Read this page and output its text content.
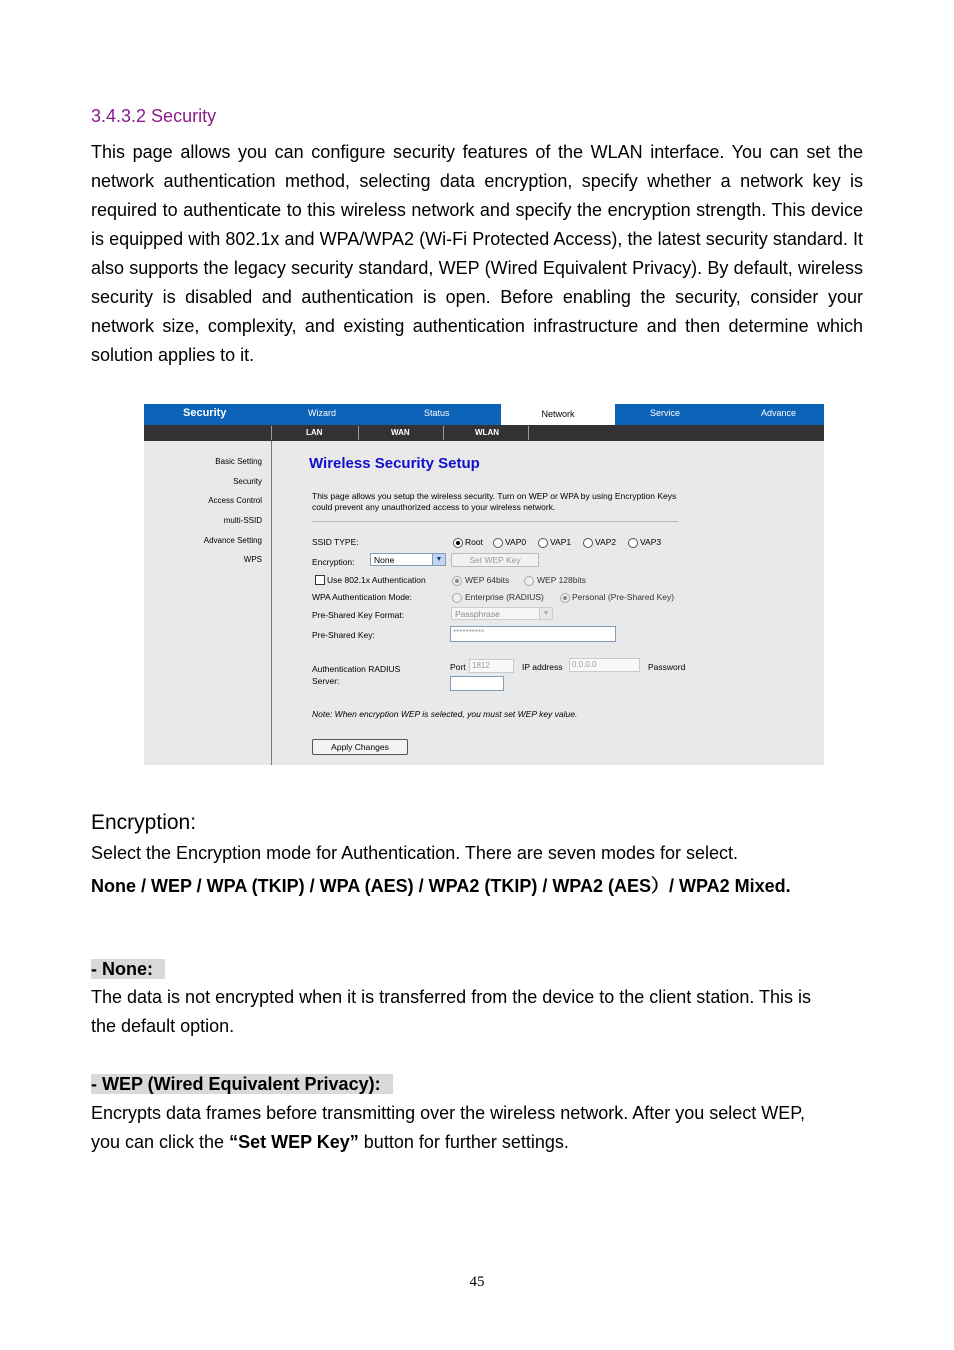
3.4.3.2 Security

This page allows you can configure security features of the WLAN interface. You can set the network authentication method, selecting data encryption, specify whether a network key is required to authenticate to this wireless network and specify the encryption strength. This device is equipped with 802.1x and WPA/WPA2 (Wi-Fi Protected Access), the latest security standard. It also supports the legacy security standard, WEP (Wired Equivalent Privacy). By default, wireless security is disabled and authentication is open. Before enabling the security, consider your network size, complexity, and existing authentication infrastructure and then determine which solution applies to it.

Security	Wizard	Status	Network	Service	Advance
LAN	WAN	WLAN
Basic Setting
Security
Access Control
multi-SSID
Advance Setting
WPS
Wireless Security Setup
This page allows you setup the wireless security. Turn on WEP or WPA by using Encryption Keys could prevent any unauthorized access to your wireless network.
SSID TYPE:	Root	VAP0	VAP1	VAP2	VAP3
Encryption:	None	▼	Set WEP Key
Use 802.1x Authentication	WEP 64bits	WEP 128bits
WPA Authentication Mode:	Enterprise (RADIUS)	Personal (Pre-Shared Key)
Pre-Shared Key Format:	Passphrase	▼
Pre-Shared Key:	**********
Authentication RADIUS
Server:
Port 1812	IP address	0.0.0.0	Password
Note: When encryption WEP is selected, you must set WEP key value.
Apply Changes
Encryption:
Select the Encryption mode for Authentication. There are seven modes for select.
None / WEP / WPA (TKIP) / WPA (AES) / WPA2 (TKIP) / WPA2 (AES）/ WPA2 Mixed.
- None:
The data is not encrypted when it is transferred from the device to the client station. This is
the default option.
- WEP (Wired Equivalent Privacy):
Encrypts data frames before transmitting over the wireless network. After you select WEP,
you can click the “Set WEP Key” button for further settings.
45
